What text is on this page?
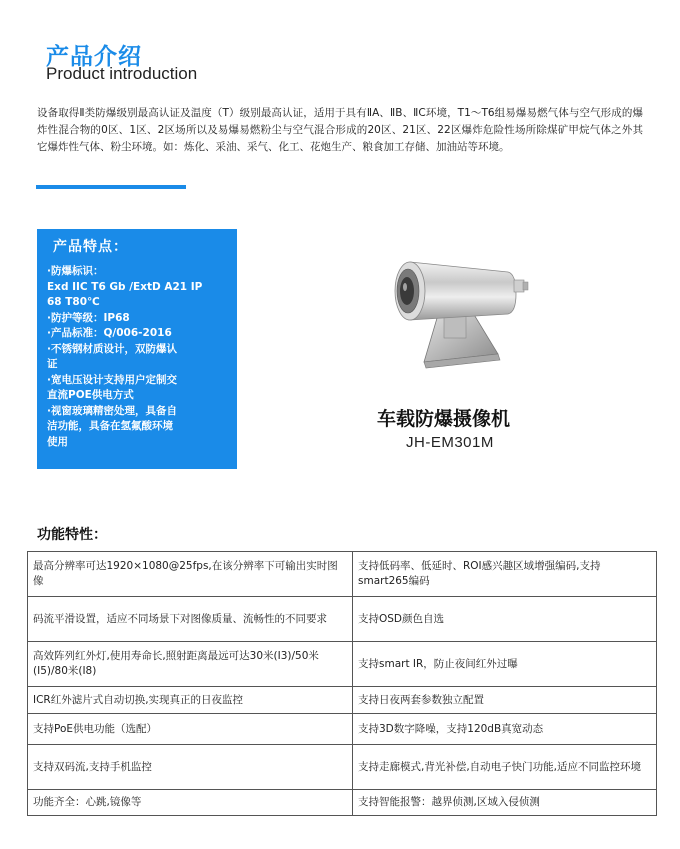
产品介绍
Product introduction
设备取得Ⅱ类防爆级别最高认证及温度（T）级别最高认证，适用于具有ⅡA、ⅡB、ⅡC环境，T1～T6组易爆易燃气体与空气形成的爆炸性混合物的0区、1区、2区场所以及易爆易燃粉尘与空气混合形成的20区、21区、22区爆炸危险性场所除煤矿甲烷气体之外其它爆炸性气体、粉尘环境。如：炼化、采油、采气、化工、花炮生产、粮食加工存储、加油站等环境。
产品特点：
·防爆标识：
Exd IIC T6 Gb /ExtD A21 IP
68 T80℃
·防护等级：IP68
·产品标准：Q/006-2016
·不锈钢材质设计，双防爆认
证
·宽电压设计支持用户定制交
直流POE供电方式
·视窗玻璃精密处理，具备自
洁功能，具备在氢氟酸环境
使用
车载防爆摄像机
JH-EM301M
功能特性：
最高分辨率可达1920×1080@25fps,在该分辨率下可输出实时图像	支持低码率、低延时、ROI感兴趣区域增强编码,支持smart265编码
码流平滑设置，适应不同场景下对图像质量、流畅性的不同要求	支持OSD颜色自选
高效阵列红外灯,使用寿命长,照射距离最远可达30米(I3)/50米(I5)/80米(I8)	支持smart IR，防止夜间红外过曝
ICR红外滤片式自动切换,实现真正的日夜监控	支持日夜两套参数独立配置
支持PoE供电功能（选配）	支持3D数字降噪，支持120dB真宽动态
支持双码流,支持手机监控	支持走廊模式,背光补偿,自动电子快门功能,适应不同监控环境
功能齐全：心跳,镜像等	支持智能报警：越界侦测,区域入侵侦测
